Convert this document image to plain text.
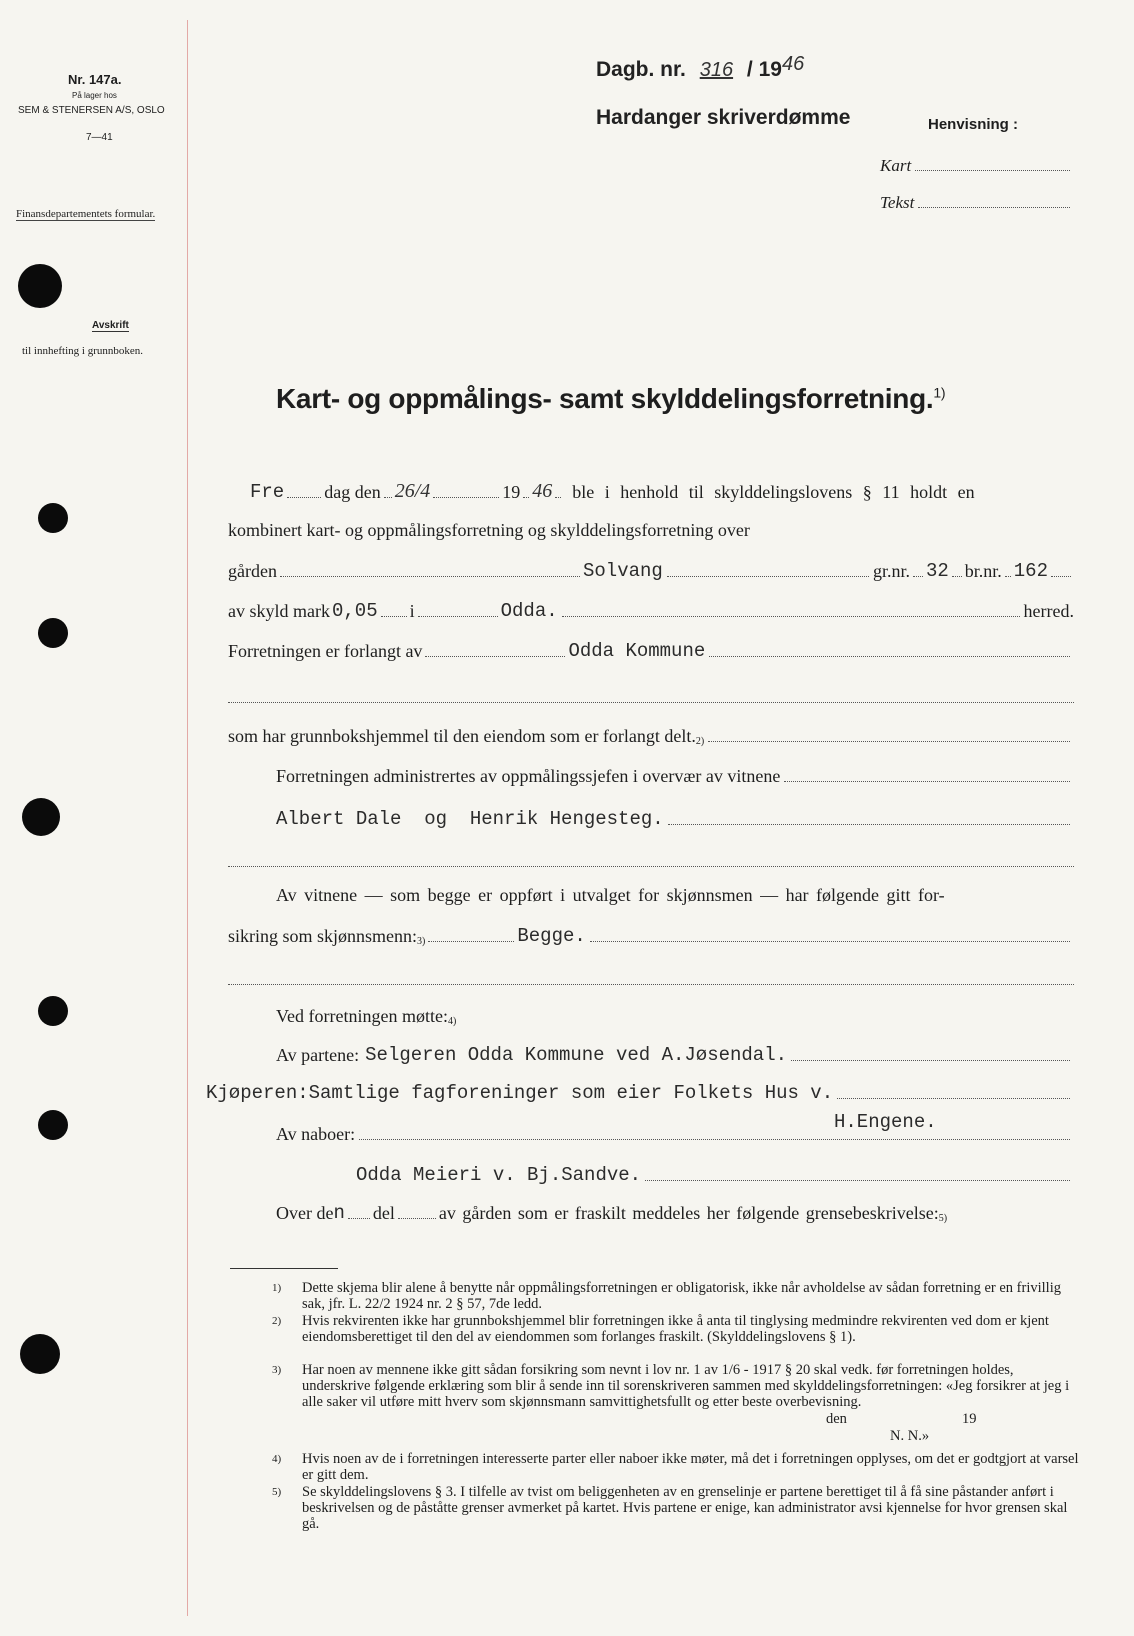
Nr. 147a.
På lager hos
SEM & STENERSEN A/S, OSLO
7—41
Finansdepartementets formular.
Avskrift
til innhefting i grunnboken.
Dagb. nr. 316 / 1946
Hardanger skriverdømme	Henvisning :
Kart
Tekst
Kart- og oppmålings- samt skylddelingsforretning.$^{1)}$
Fre dag den 26/4	19 46 ble i henhold til skylddelingslovens § 11 holdt en
kombinert kart- og oppmålingsforretning og skylddelingsforretning over
gården	Solvang	gr.nr. 32 br.nr. 162
av skyld mark 0,05 i	Odda.	herred.
Forretningen er forlangt av	Odda Kommune
som har grunnbokshjemmel til den eiendom som er forlangt $delt._{2)}$
Forretningen administrertes av oppmålingssjefen i overvær av vitnene
Albert Dale  og  Henrik Hengesteg.
Av vitnene — som begge er oppført i utvalget for skjønnsmen — har følgende gitt for-
sikring som $skjønnsmenn:_{3)}$	Begge.
Ved forretningen $møtte:_{4)}$
Av partene: Selgeren Odda Kommune ved A.Jøsendal.
Kjøperen:Samtlige fagforeninger som eier Folkets Hus v.
H.Engene.
Av naboer:
Odda Meieri v. Bj.Sandve.
Over de n del av gården som er fraskilt meddeles her følgende $grensebeskrivelse:_{5)}$
1) Dette skjema blir alene å benytte når oppmålingsforretningen er obligatorisk, ikke når avholdelse av sådan forretning er en frivillig sak, jfr. L. 22/2 1924 nr. 2 § 57, 7de ledd.
2) Hvis rekvirenten ikke har grunnbokshjemmel blir forretningen ikke å anta til tinglysing medmindre rekvirenten ved dom er kjent eiendomsberettiget til den del av eiendommen som forlanges fraskilt. (Skylddelingslovens § 1).
3) Har noen av mennene ikke gitt sådan forsikring som nevnt i lov nr. 1 av 1/6 - 1917 § 20 skal vedk. før forretningen holdes, underskrive følgende erklæring som blir å sende inn til sorenskriveren sammen med skylddelingsforretningen: «Jeg forsikrer at jeg i alle saker vil utføre mitt hverv som skjønnsmann samvittighetsfullt og etter beste overbevisning.
den	19
N. N.»
4) Hvis noen av de i forretningen interesserte parter eller naboer ikke møter, må det i forretningen opplyses, om det er godtgjort at varsel er gitt dem.
5) Se skylddelingslovens § 3. I tilfelle av tvist om beliggenheten av en grenselinje er partene berettiget til å få sine påstander anført i beskrivelsen og de påståtte grenser avmerket på kartet. Hvis partene er enige, kan administrator avsi kjennelse for hvor grensen skal gå.
